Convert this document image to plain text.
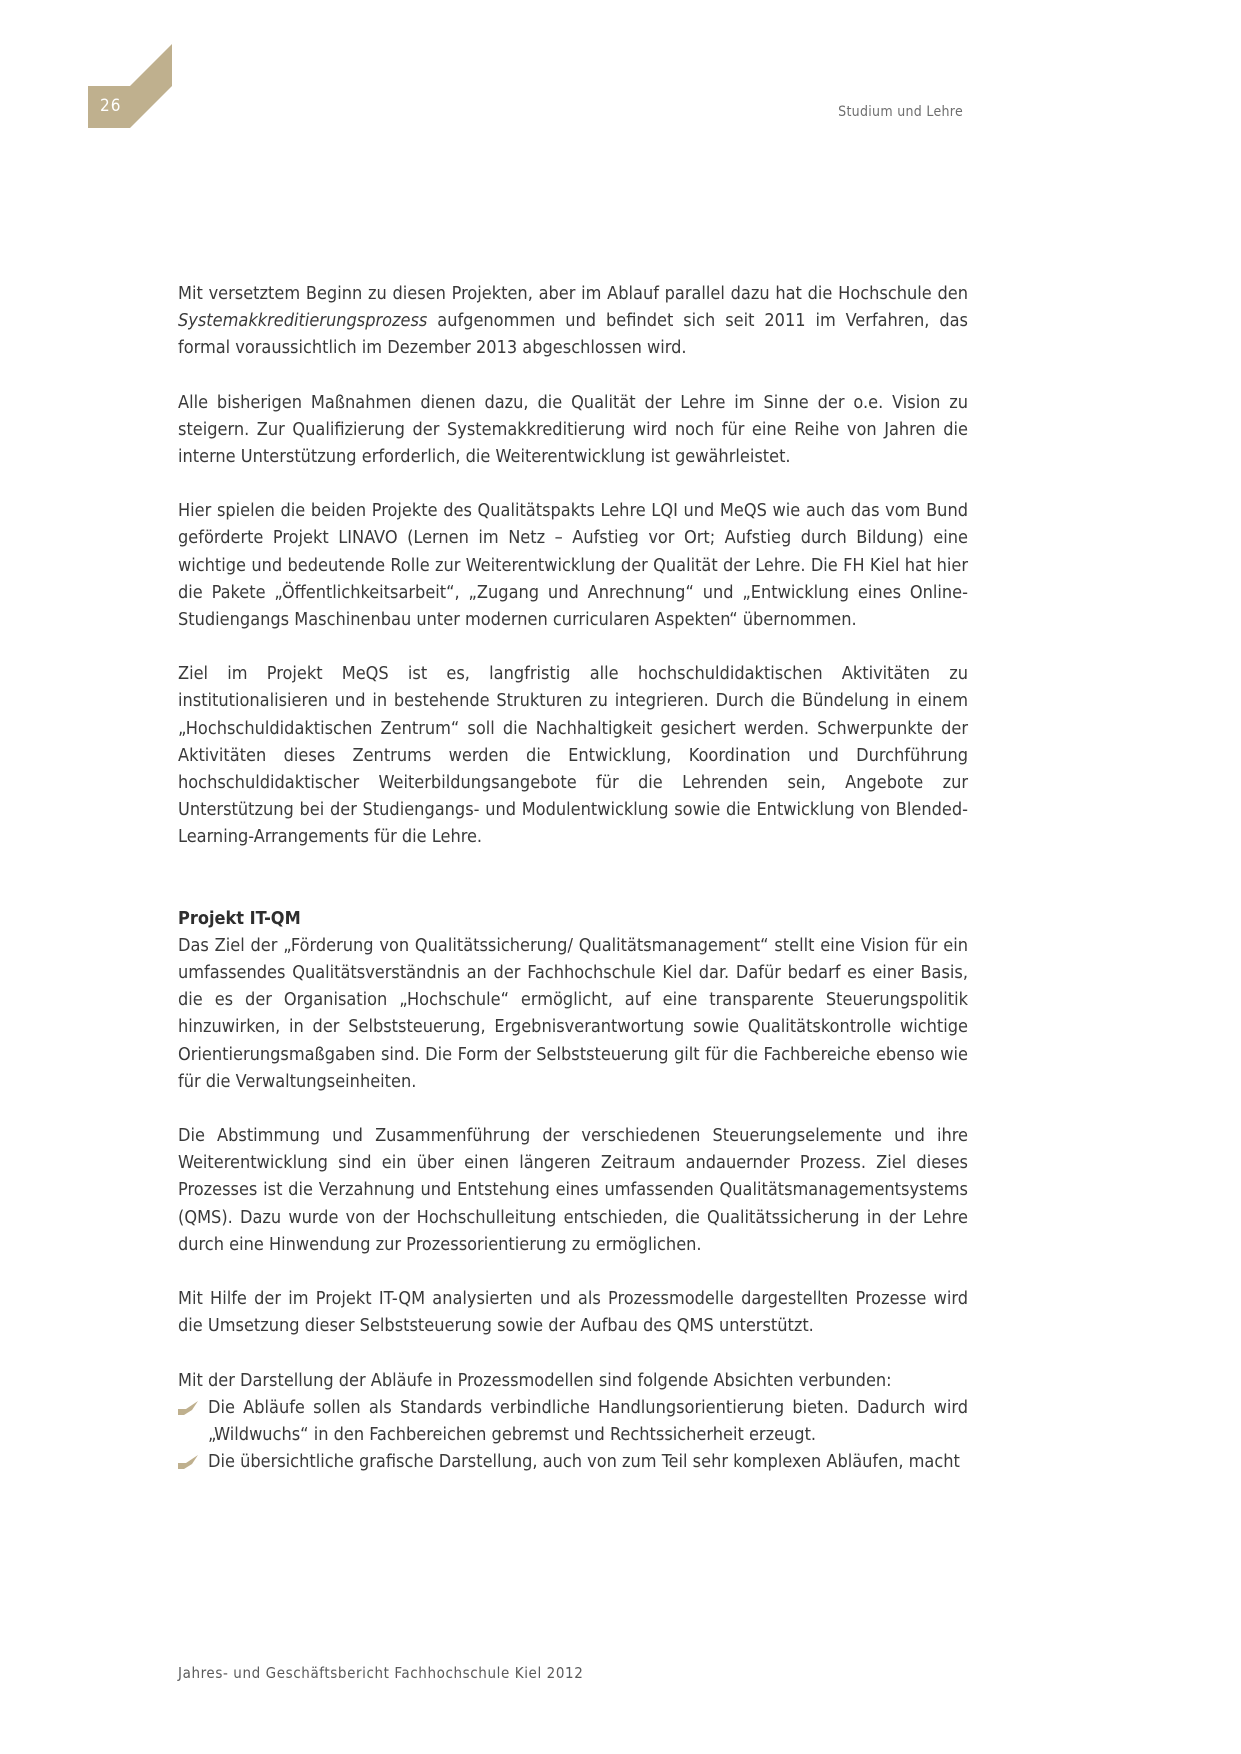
26	Studium und Lehre

Mit versetztem Beginn zu diesen Projekten, aber im Ablauf parallel dazu hat die Hochschule den Systemakkreditierungsprozess aufgenommen und befindet sich seit 2011 im Verfahren, das formal voraussichtlich im Dezember 2013 abgeschlossen wird.

Alle bisherigen Maßnahmen dienen dazu, die Qualität der Lehre im Sinne der o.e. Vision zu steigern. Zur Qualifizierung der Systemakkreditierung wird noch für eine Reihe von Jahren die interne Unterstützung erforderlich, die Weiterentwicklung ist gewährleistet.

Hier spielen die beiden Projekte des Qualitätspakts Lehre LQI und MeQS wie auch das vom Bund geförderte Projekt LINAVO (Lernen im Netz – Aufstieg vor Ort; Aufstieg durch Bildung) eine wichtige und bedeutende Rolle zur Weiterentwicklung der Qualität der Lehre. Die FH Kiel hat hier die Pakete „Öffentlichkeitsarbeit“, „Zugang und Anrechnung“ und „Entwicklung eines Online-Studiengangs Maschinenbau unter modernen curricularen Aspekten“ übernommen.

Ziel im Projekt MeQS ist es, langfristig alle hochschuldidaktischen Aktivitäten zu institutionalisieren und in bestehende Strukturen zu integrieren. Durch die Bündelung in einem „Hochschuldidaktischen Zentrum“ soll die Nachhaltigkeit gesichert werden. Schwerpunkte der Aktivitäten dieses Zentrums werden die Entwicklung, Koordination und Durchführung hochschuldidaktischer Weiterbildungsangebote für die Lehrenden sein, Angebote zur Unterstützung bei der Studiengangs- und Modulentwicklung sowie die Entwicklung von Blended-Learning-Arrangements für die Lehre.

Projekt IT-QM

Das Ziel der „Förderung von Qualitätssicherung/ Qualitätsmanagement“ stellt eine Vision für ein umfassendes Qualitätsverständnis an der Fachhochschule Kiel dar. Dafür bedarf es einer Basis, die es der Organisation „Hochschule“ ermöglicht, auf eine transparente Steuerungspolitik hinzuwirken, in der Selbststeuerung, Ergebnisverantwortung sowie Qualitätskontrolle wichtige Orientierungsmaßgaben sind. Die Form der Selbststeuerung gilt für die Fachbereiche ebenso wie für die Verwaltungseinheiten.

Die Abstimmung und Zusammenführung der verschiedenen Steuerungselemente und ihre Weiterentwicklung sind ein über einen längeren Zeitraum andauernder Prozess. Ziel dieses Prozesses ist die Verzahnung und Entstehung eines umfassenden Qualitätsmanagementsystems (QMS). Dazu wurde von der Hochschulleitung entschieden, die Qualitätssicherung in der Lehre durch eine Hinwendung zur Prozessorientierung zu ermöglichen.

Mit Hilfe der im Projekt IT-QM analysierten und als Prozessmodelle dargestellten Prozesse wird die Umsetzung dieser Selbststeuerung sowie der Aufbau des QMS unterstützt.

Mit der Darstellung der Abläufe in Prozessmodellen sind folgende Absichten verbunden:

Die Abläufe sollen als Standards verbindliche Handlungsorientierung bieten. Dadurch wird „Wildwuchs“ in den Fachbereichen gebremst und Rechtssicherheit erzeugt.
Die übersichtliche grafische Darstellung, auch von zum Teil sehr komplexen Abläufen, macht
Jahres- und Geschäftsbericht Fachhochschule Kiel 2012
